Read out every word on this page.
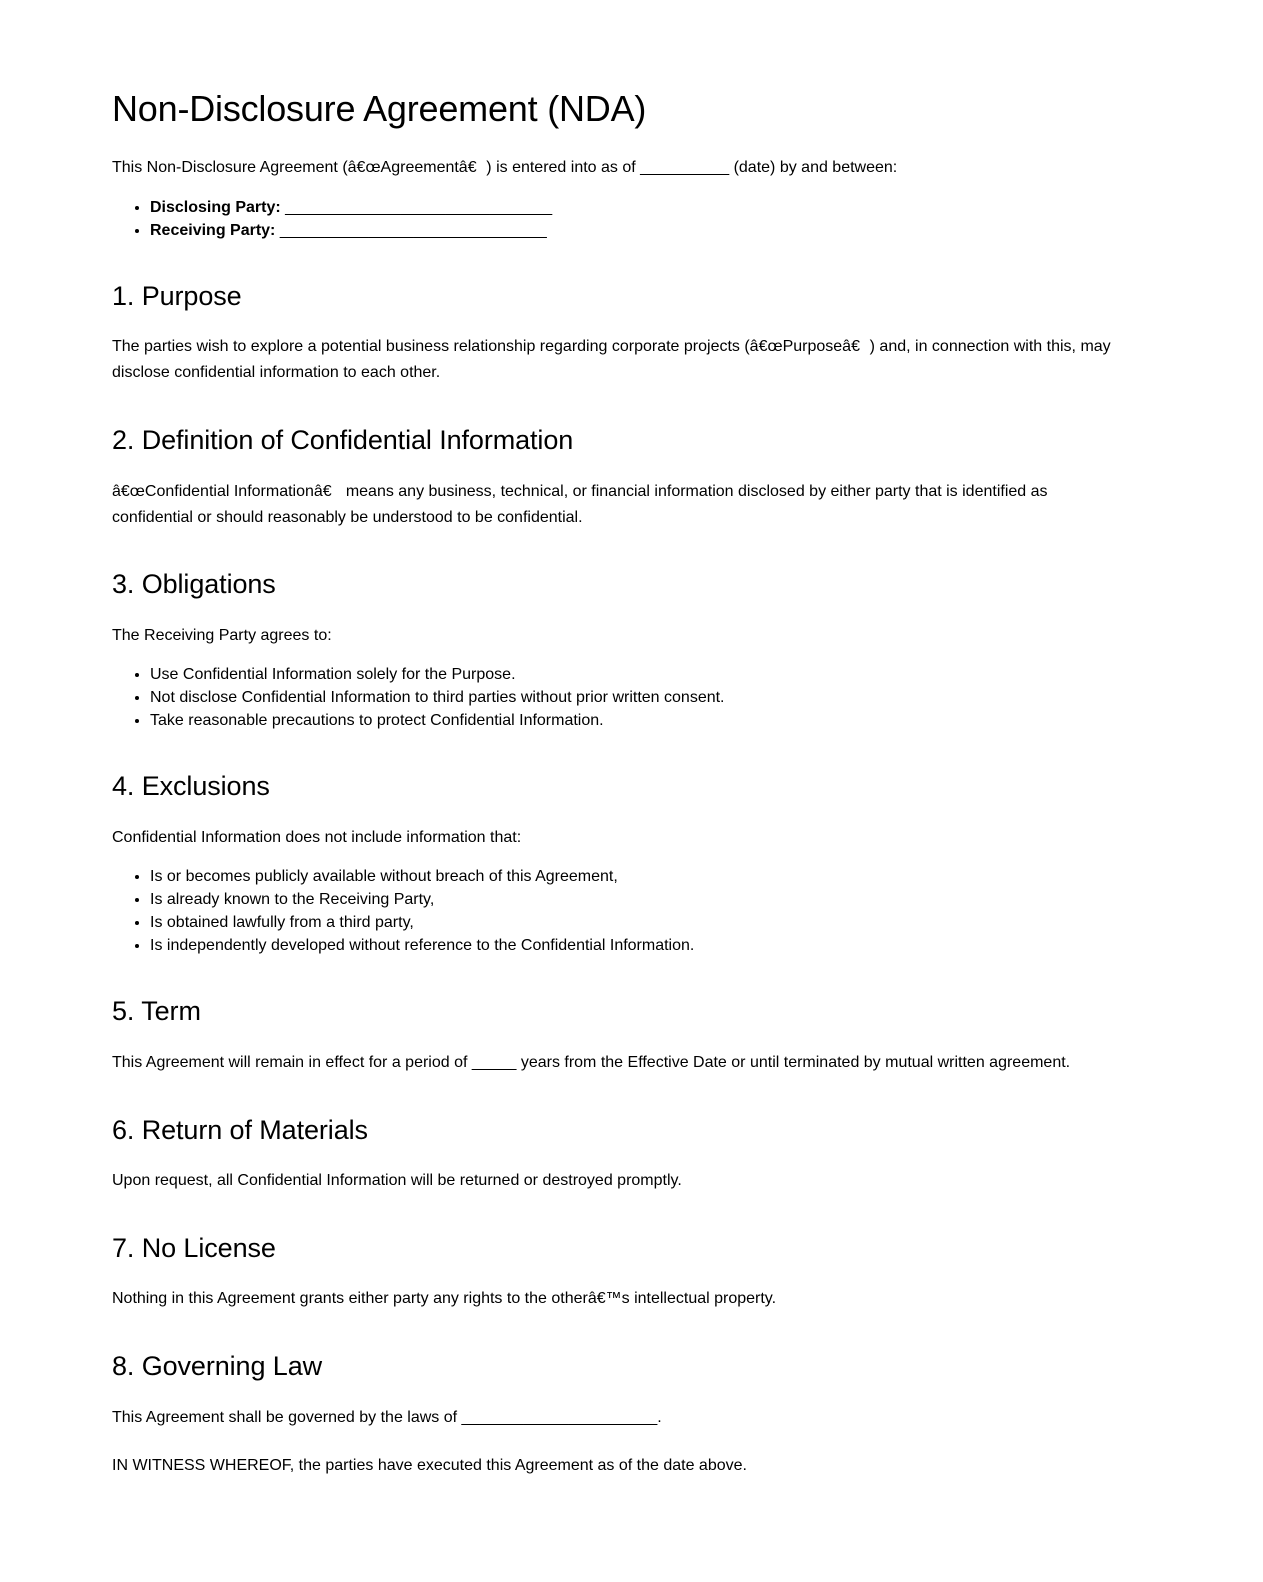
Non-Disclosure Agreement (NDA)

This Non-Disclosure Agreement (â€œAgreementâ€) is entered into as of __________ (date) by and between:

• Disclosing Party: ______________________________
• Receiving Party: ______________________________
1. Purpose

The parties wish to explore a potential business relationship regarding corporate projects (â€œPurposeâ€) and, in connection with this, may disclose confidential information to each other.

2. Definition of Confidential Information

â€œConfidential Informationâ€ means any business, technical, or financial information disclosed by either party that is identified as confidential or should reasonably be understood to be confidential.

3. Obligations

The Receiving Party agrees to:

• Use Confidential Information solely for the Purpose.
• Not disclose Confidential Information to third parties without prior written consent.
• Take reasonable precautions to protect Confidential Information.
4. Exclusions

Confidential Information does not include information that:

• Is or becomes publicly available without breach of this Agreement,
• Is already known to the Receiving Party,
• Is obtained lawfully from a third party,
• Is independently developed without reference to the Confidential Information.
5. Term

This Agreement will remain in effect for a period of _____ years from the Effective Date or until terminated by mutual written agreement.

6. Return of Materials

Upon request, all Confidential Information will be returned or destroyed promptly.

7. No License

Nothing in this Agreement grants either party any rights to the otherâ€™s intellectual property.

8. Governing Law

This Agreement shall be governed by the laws of ______________________.

IN WITNESS WHEREOF, the parties have executed this Agreement as of the date above.
